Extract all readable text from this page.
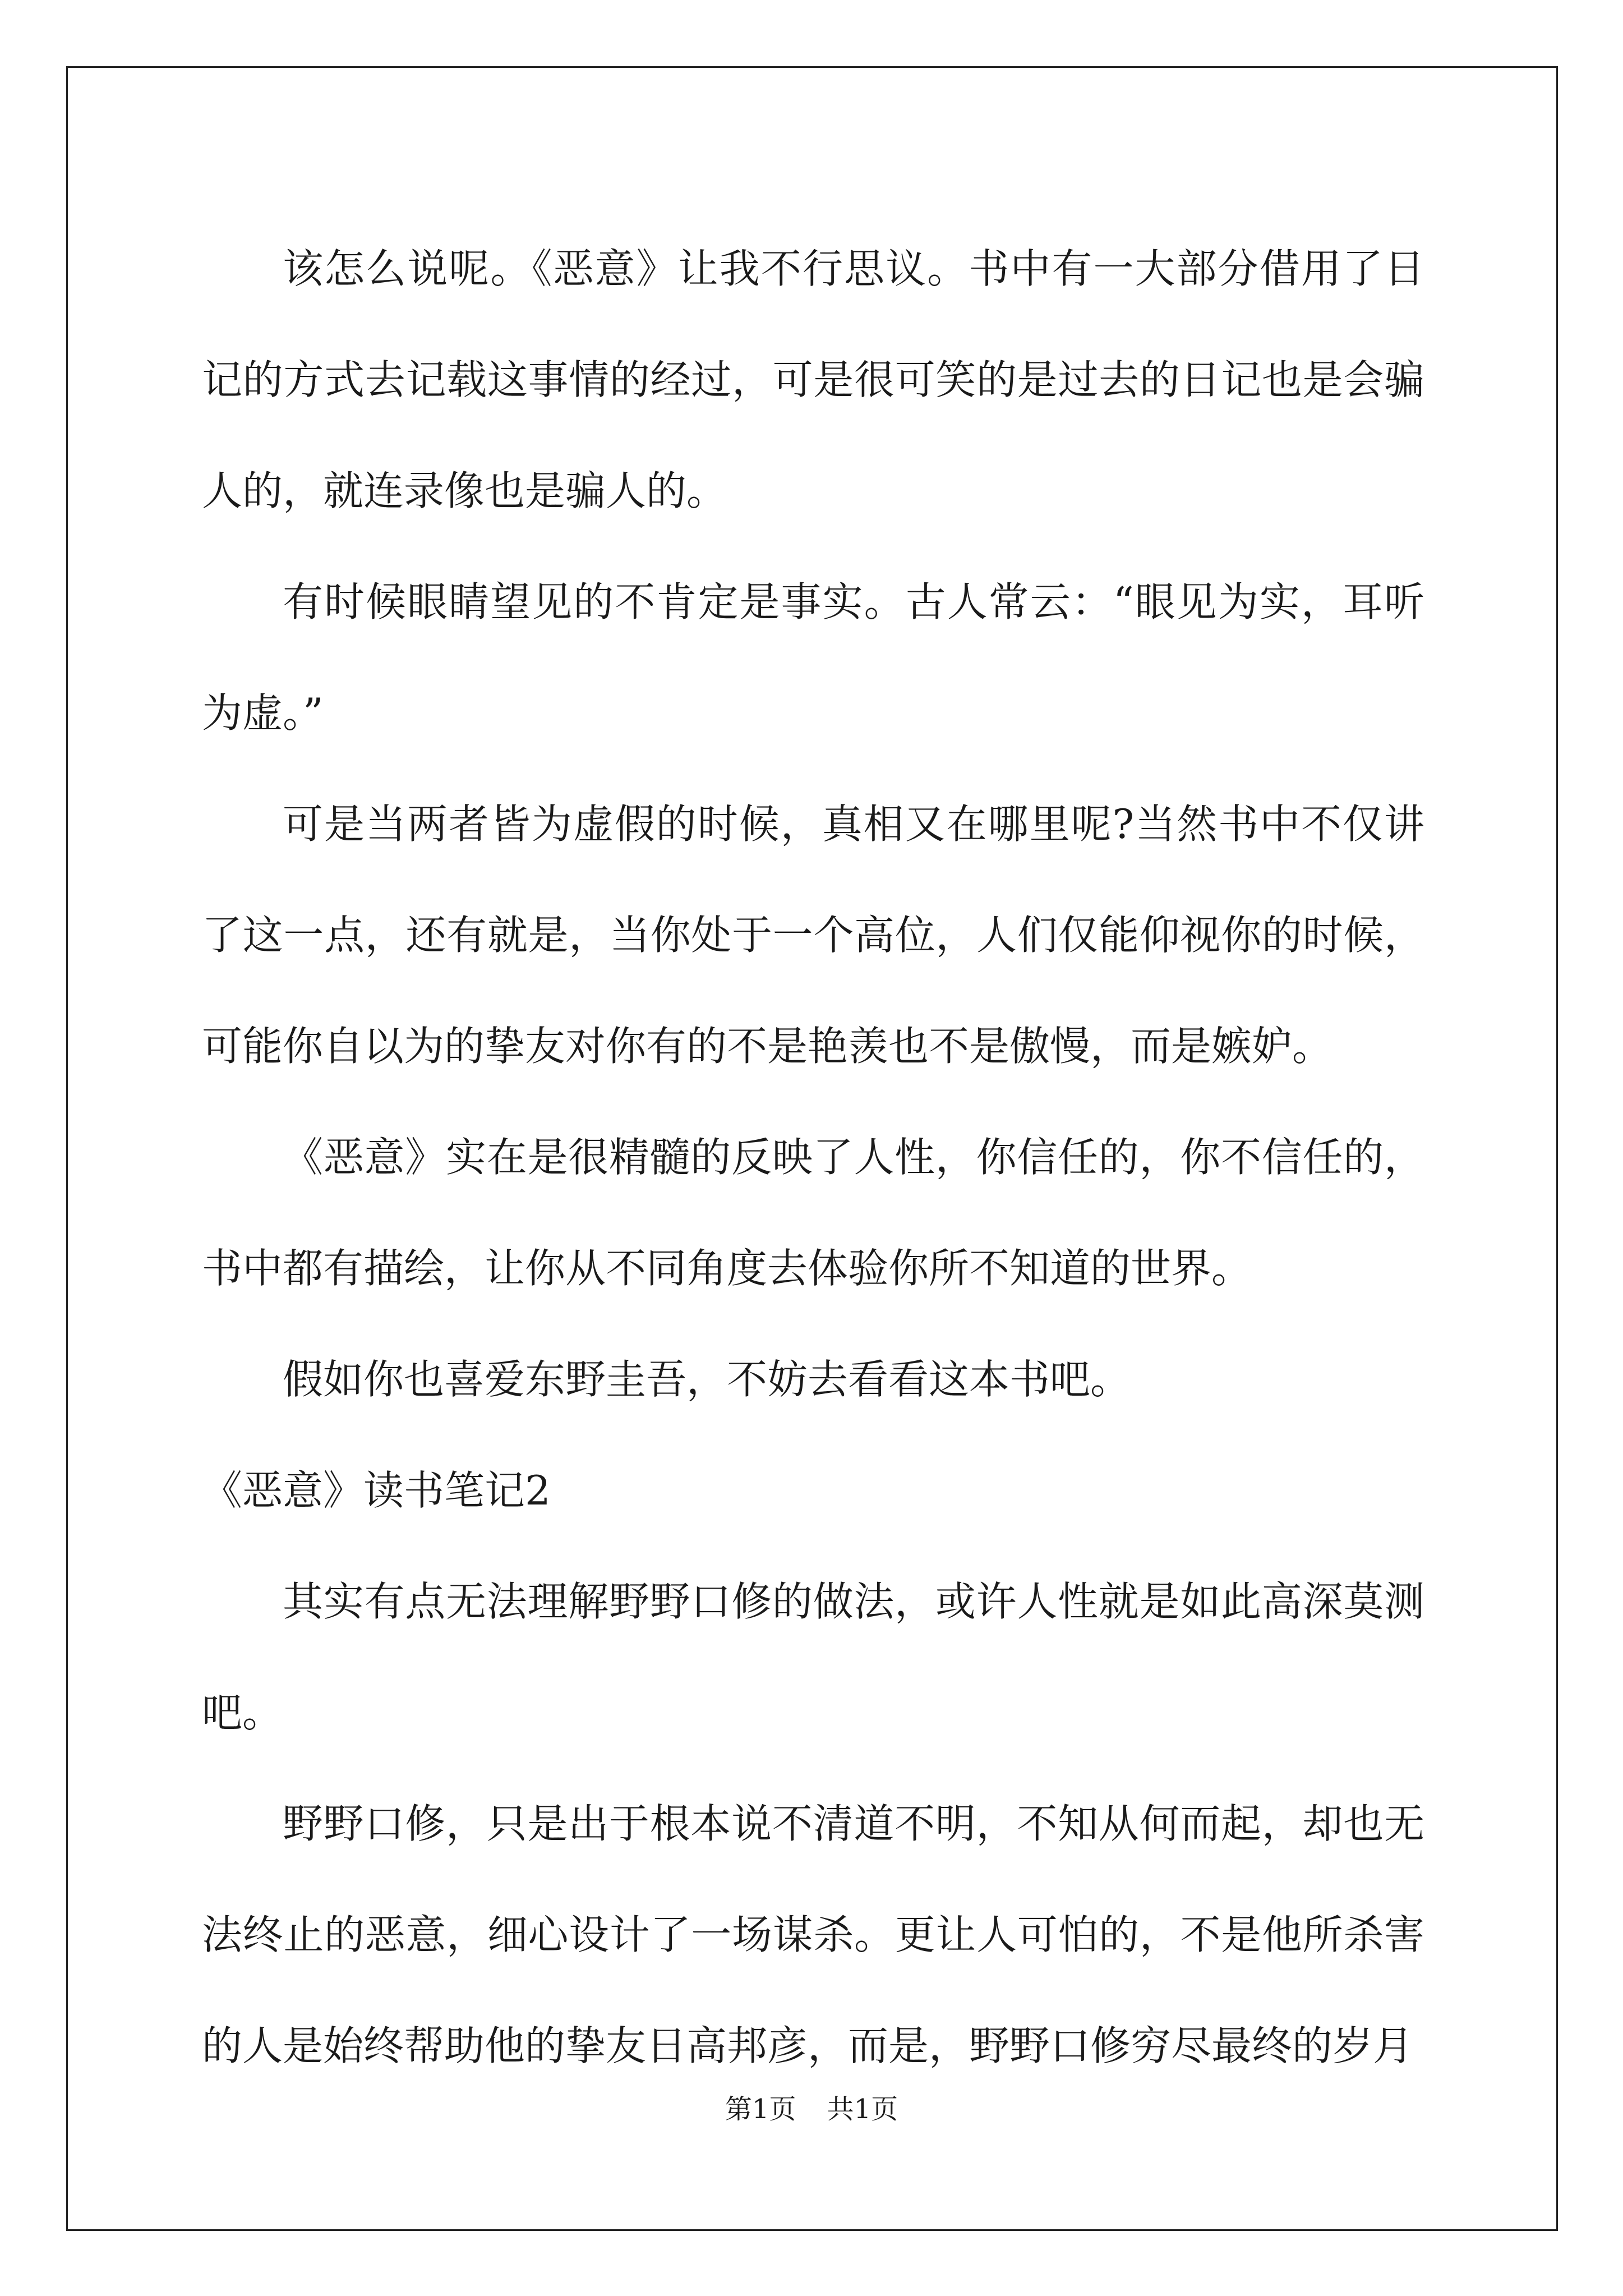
该怎么说呢。《恶意》让我不行思议。书中有一大部分借用了日记的方式去记载这事情的经过，可是很可笑的是过去的日记也是会骗人的，就连录像也是骗人的。

有时候眼睛望见的不肯定是事实。古人常云：“眼见为实，耳听为虚。”

可是当两者皆为虚假的时候，真相又在哪里呢?当然书中不仅讲了这一点，还有就是，当你处于一个高位，人们仅能仰视你的时候，可能你自以为的挚友对你有的不是艳羡也不是傲慢，而是嫉妒。

《恶意》实在是很精髓的反映了人性，你信任的，你不信任的，书中都有描绘，让你从不同角度去体验你所不知道的世界。

假如你也喜爱东野圭吾，不妨去看看这本书吧。

《恶意》读书笔记2

其实有点无法理解野野口修的做法，或许人性就是如此高深莫测吧。

野野口修，只是出于根本说不清道不明，不知从何而起，却也无法终止的恶意，细心设计了一场谋杀。更让人可怕的，不是他所杀害的人是始终帮助他的挚友日高邦彦，而是，野野口修穷尽最终的岁月

第1页 共1页
